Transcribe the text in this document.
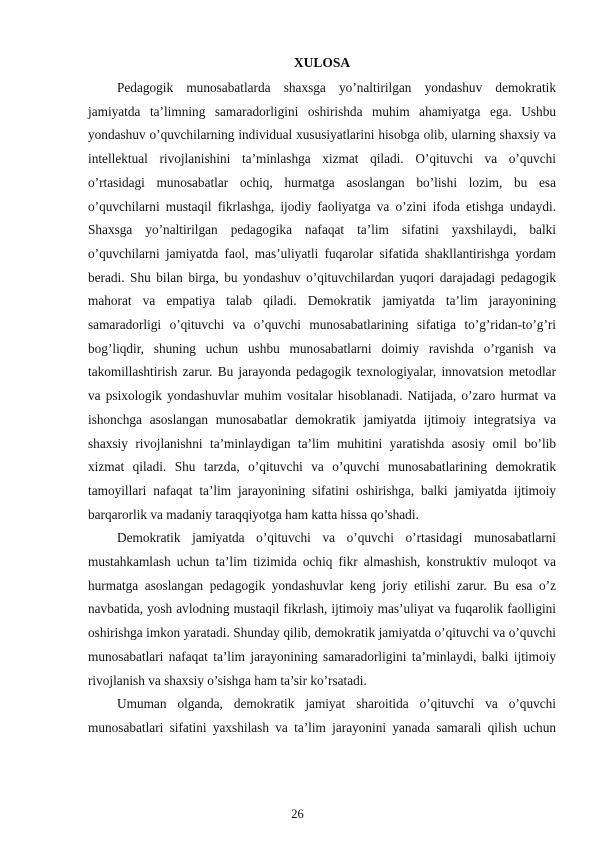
XULOSA

Pedagogik munosabatlarda shaxsga yo’naltirilgan yondashuv demokratik jamiyatda ta’limning samaradorligini oshirishda muhim ahamiyatga ega. Ushbu yondashuv o’quvchilarning individual xususiyatlarini hisobga olib, ularning shaxsiy va intellektual rivojlanishini ta’minlashga xizmat qiladi. O’qituvchi va o’quvchi o’rtasidagi munosabatlar ochiq, hurmatga asoslangan bo’lishi lozim, bu esa o’quvchilarni mustaqil fikrlashga, ijodiy faoliyatga va o’zini ifoda etishga undaydi. Shaxsga yo’naltirilgan pedagogika nafaqat ta’lim sifatini yaxshilaydi, balki o’quvchilarni jamiyatda faol, mas’uliyatli fuqarolar sifatida shakllantirishga yordam beradi. Shu bilan birga, bu yondashuv o’qituvchilardan yuqori darajadagi pedagogik mahorat va empatiya talab qiladi. Demokratik jamiyatda ta’lim jarayonining samaradorligi o’qituvchi va o’quvchi munosabatlarining sifatiga to’g’ridan-to’g’ri bog’liqdir, shuning uchun ushbu munosabatlarni doimiy ravishda o’rganish va takomillashtirish zarur. Bu jarayonda pedagogik texnologiyalar, innovatsion metodlar va psixologik yondashuvlar muhim vositalar hisoblanadi. Natijada, o’zaro hurmat va ishonchga asoslangan munosabatlar demokratik jamiyatda ijtimoiy integratsiya va shaxsiy rivojlanishni ta’minlaydigan ta’lim muhitini yaratishda asosiy omil bo’lib xizmat qiladi. Shu tarzda, o’qituvchi va o’quvchi munosabatlarining demokratik tamoyillari nafaqat ta’lim jarayonining sifatini oshirishga, balki jamiyatda ijtimoiy barqarorlik va madaniy taraqqiyotga ham katta hissa qo’shadi.

Demokratik jamiyatda o’qituvchi va o’quvchi o’rtasidagi munosabatlarni mustahkamlash uchun ta’lim tizimida ochiq fikr almashish, konstruktiv muloqot va hurmatga asoslangan pedagogik yondashuvlar keng joriy etilishi zarur. Bu esa o’z navbatida, yosh avlodning mustaqil fikrlash, ijtimoiy mas’uliyat va fuqarolik faolligini oshirishga imkon yaratadi. Shunday qilib, demokratik jamiyatda o’qituvchi va o’quvchi munosabatlari nafaqat ta’lim jarayonining samaradorligini ta’minlaydi, balki ijtimoiy rivojlanish va shaxsiy o’sishga ham ta’sir ko’rsatadi.

Umuman olganda, demokratik jamiyat sharoitida o’qituvchi va o’quvchi munosabatlari sifatini yaxshilash va ta’lim jarayonini yanada samarali qilish uchun

26
